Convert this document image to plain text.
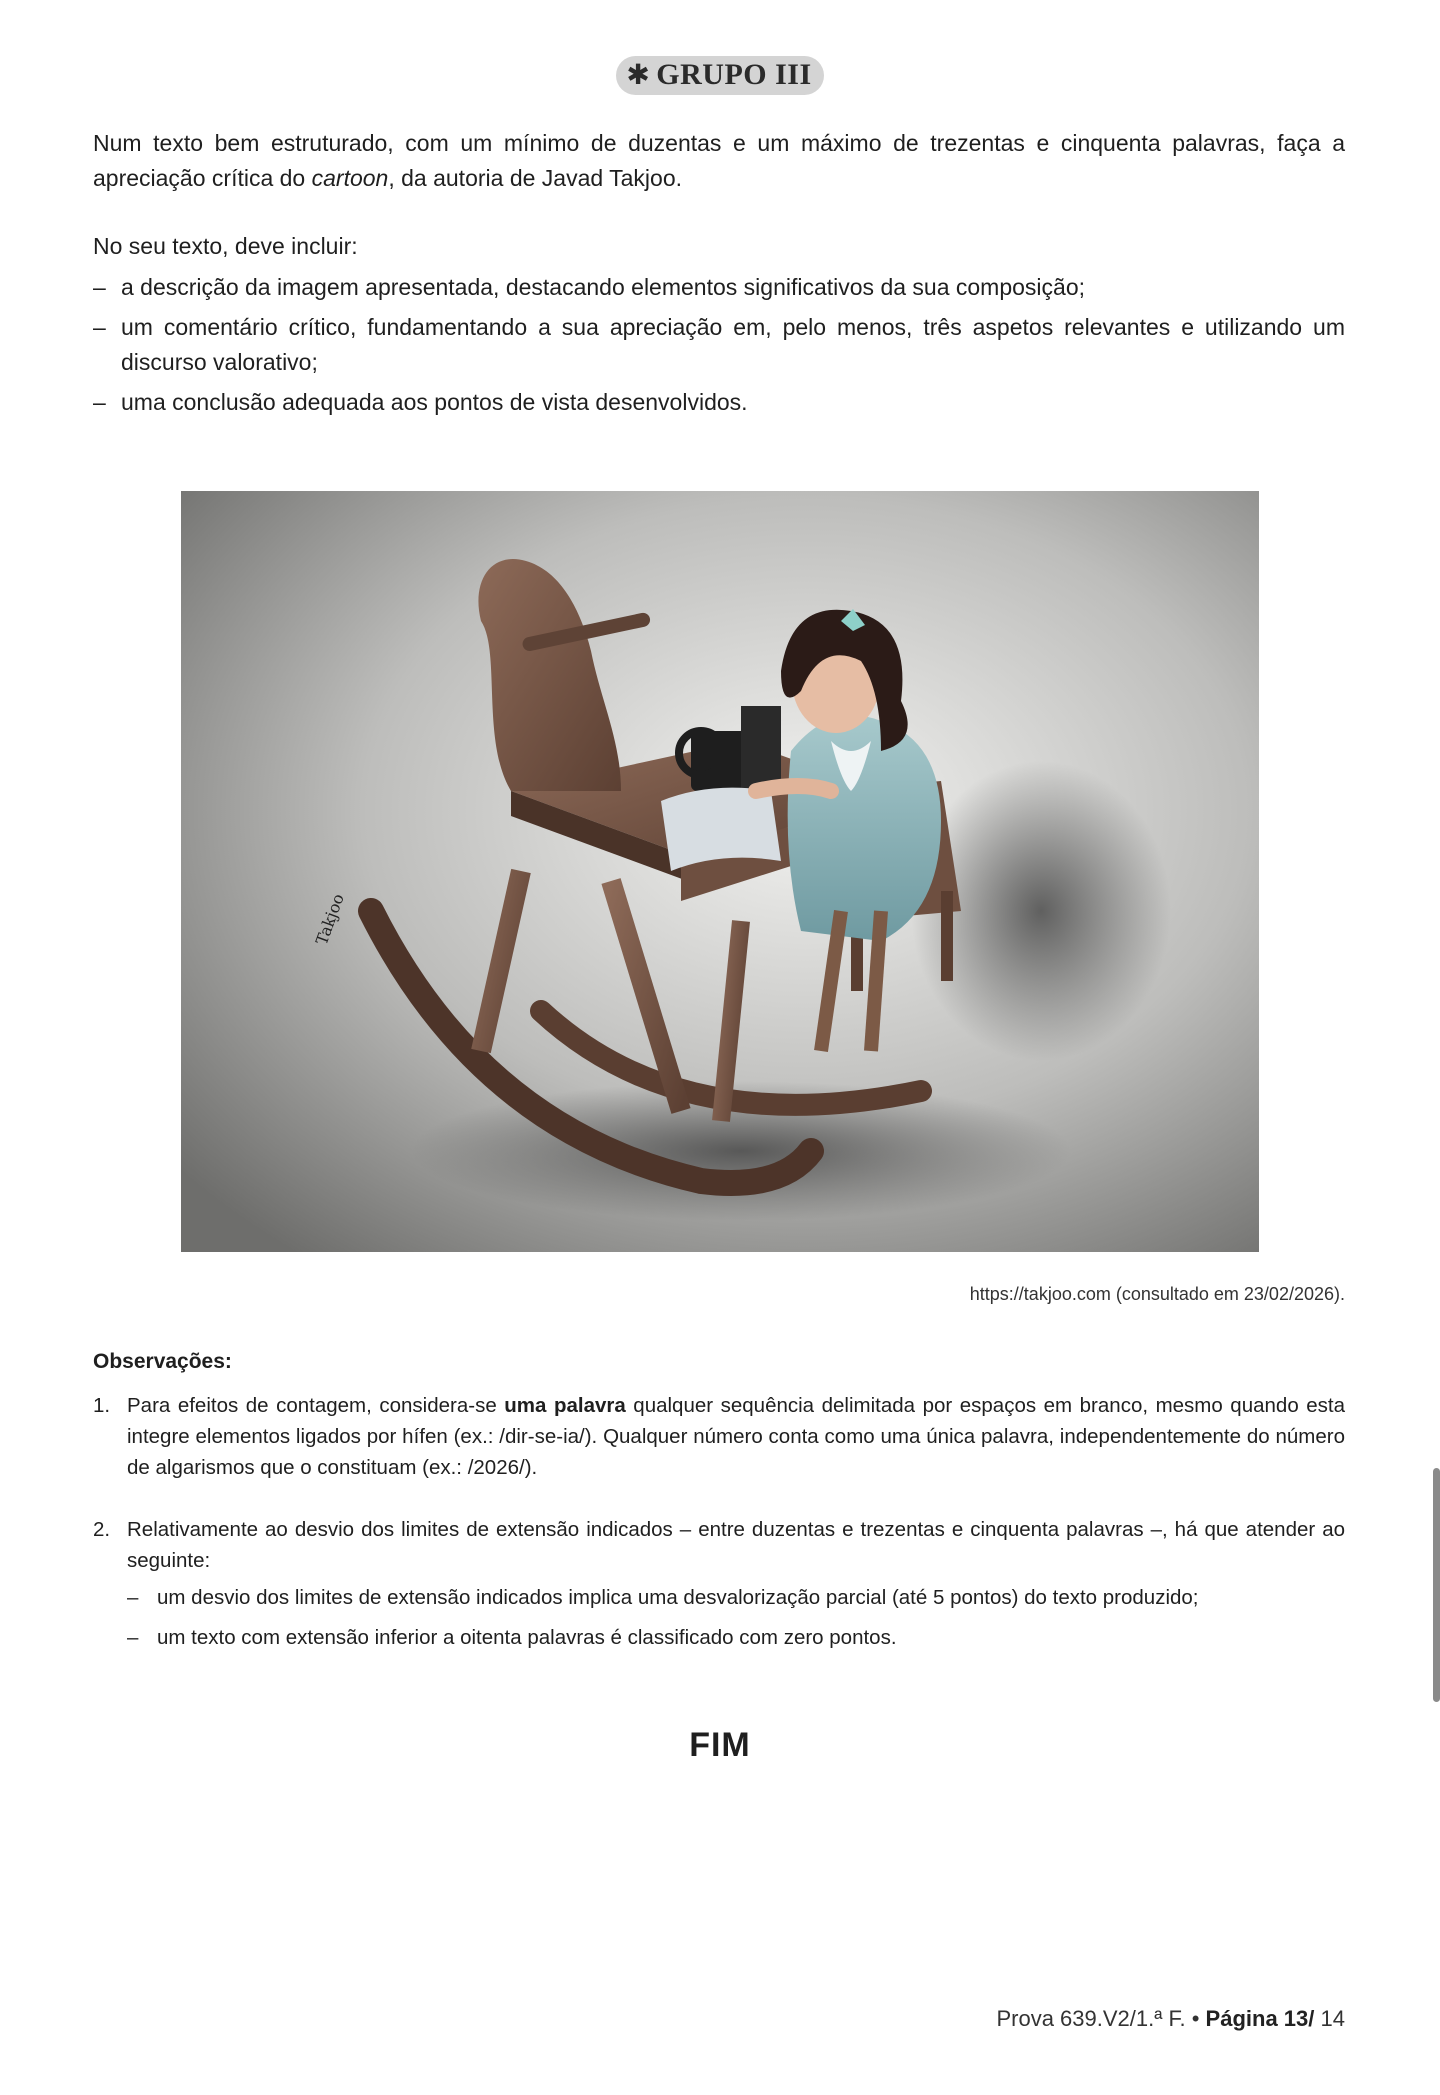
✱ GRUPO III
Num texto bem estruturado, com um mínimo de duzentas e um máximo de trezentas e cinquenta palavras, faça a apreciação crítica do cartoon, da autoria de Javad Takjoo.
No seu texto, deve incluir:
– a descrição da imagem apresentada, destacando elementos significativos da sua composição;
– um comentário crítico, fundamentando a sua apreciação em, pelo menos, três aspetos relevantes e utilizando um discurso valorativo;
– uma conclusão adequada aos pontos de vista desenvolvidos.
Takjoo
https://takjoo.com (consultado em 23/02/2026).
Observações:
1. Para efeitos de contagem, considera-se uma palavra qualquer sequência delimitada por espaços em branco, mesmo quando esta integre elementos ligados por hífen (ex.: /dir-se-ia/). Qualquer número conta como uma única palavra, independentemente do número de algarismos que o constituam (ex.: /2026/).
2. Relativamente ao desvio dos limites de extensão indicados – entre duzentas e trezentas e cinquenta palavras –, há que atender ao seguinte:
– um desvio dos limites de extensão indicados implica uma desvalorização parcial (até 5 pontos) do texto produzido;
– um texto com extensão inferior a oitenta palavras é classificado com zero pontos.
FIM
Prova 639.V2/1.ª F. • Página 13/ 14
